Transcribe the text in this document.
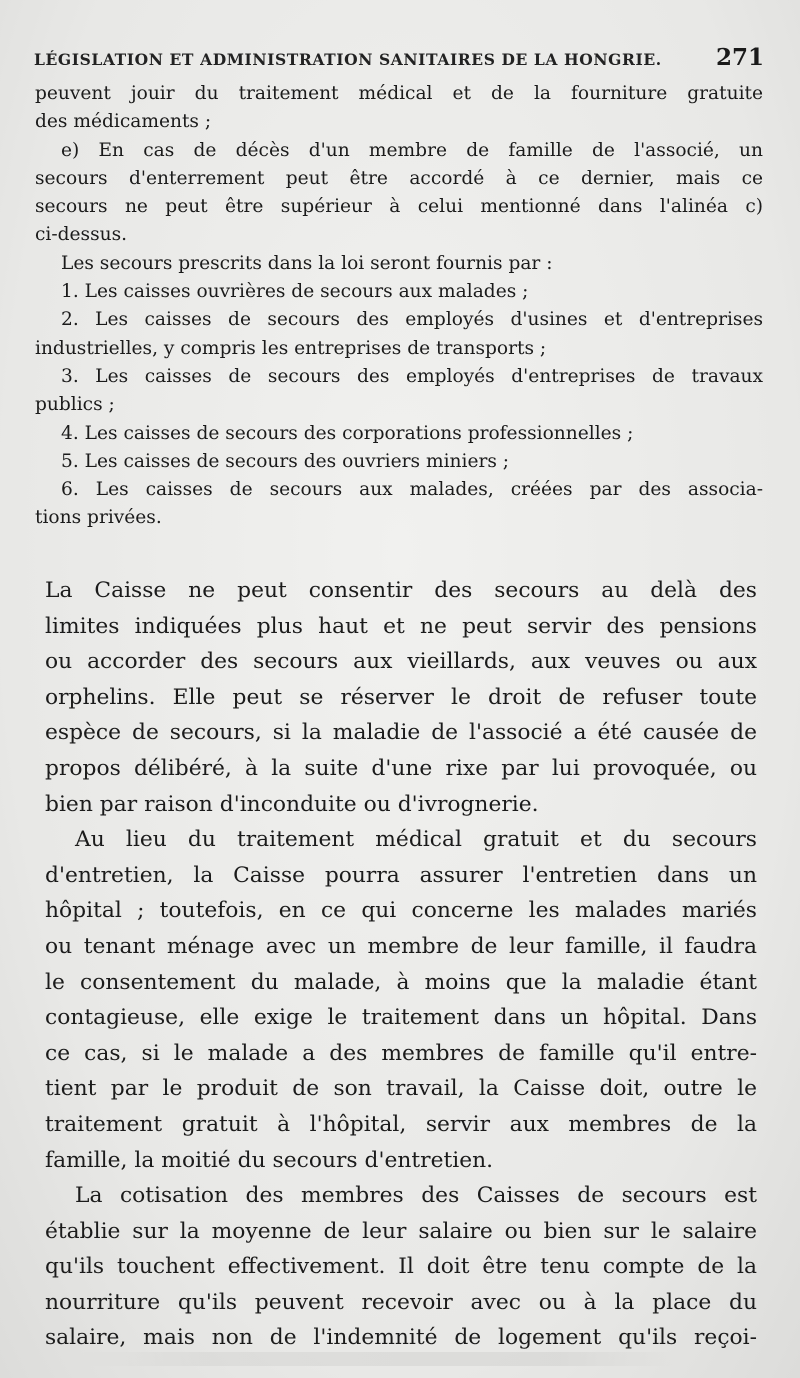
LÉGISLATION ET ADMINISTRATION SANITAIRES DE LA HONGRIE. 271

peuvent jouir du traitement médical et de la fourniture gratuite

des médicaments ;

e) En cas de décès d'un membre de famille de l'associé, un

secours d'enterrement peut être accordé à ce dernier, mais ce

secours ne peut être supérieur à celui mentionné dans l'alinéa c)

ci-dessus.

Les secours prescrits dans la loi seront fournis par :

1. Les caisses ouvrières de secours aux malades ;

2. Les caisses de secours des employés d'usines et d'entreprises

industrielles, y compris les entreprises de transports ;

3. Les caisses de secours des employés d'entreprises de travaux

publics ;

4. Les caisses de secours des corporations professionnelles ;

5. Les caisses de secours des ouvriers miniers ;

6. Les caisses de secours aux malades, créées par des associa-

tions privées.

La Caisse ne peut consentir des secours au delà des

limites indiquées plus haut et ne peut servir des pensions

ou accorder des secours aux vieillards, aux veuves ou aux

orphelins. Elle peut se réserver le droit de refuser toute

espèce de secours, si la maladie de l'associé a été causée de

propos délibéré, à la suite d'une rixe par lui provoquée, ou

bien par raison d'inconduite ou d'ivrognerie.

Au lieu du traitement médical gratuit et du secours

d'entretien, la Caisse pourra assurer l'entretien dans un

hôpital ; toutefois, en ce qui concerne les malades mariés

ou tenant ménage avec un membre de leur famille, il faudra

le consentement du malade, à moins que la maladie étant

contagieuse, elle exige le traitement dans un hôpital. Dans

ce cas, si le malade a des membres de famille qu'il entre-

tient par le produit de son travail, la Caisse doit, outre le

traitement gratuit à l'hôpital, servir aux membres de la

famille, la moitié du secours d'entretien.

La cotisation des membres des Caisses de secours est

établie sur la moyenne de leur salaire ou bien sur le salaire

qu'ils touchent effectivement. Il doit être tenu compte de la

nourriture qu'ils peuvent recevoir avec ou à la place du

salaire, mais non de l'indemnité de logement qu'ils reçoi-
